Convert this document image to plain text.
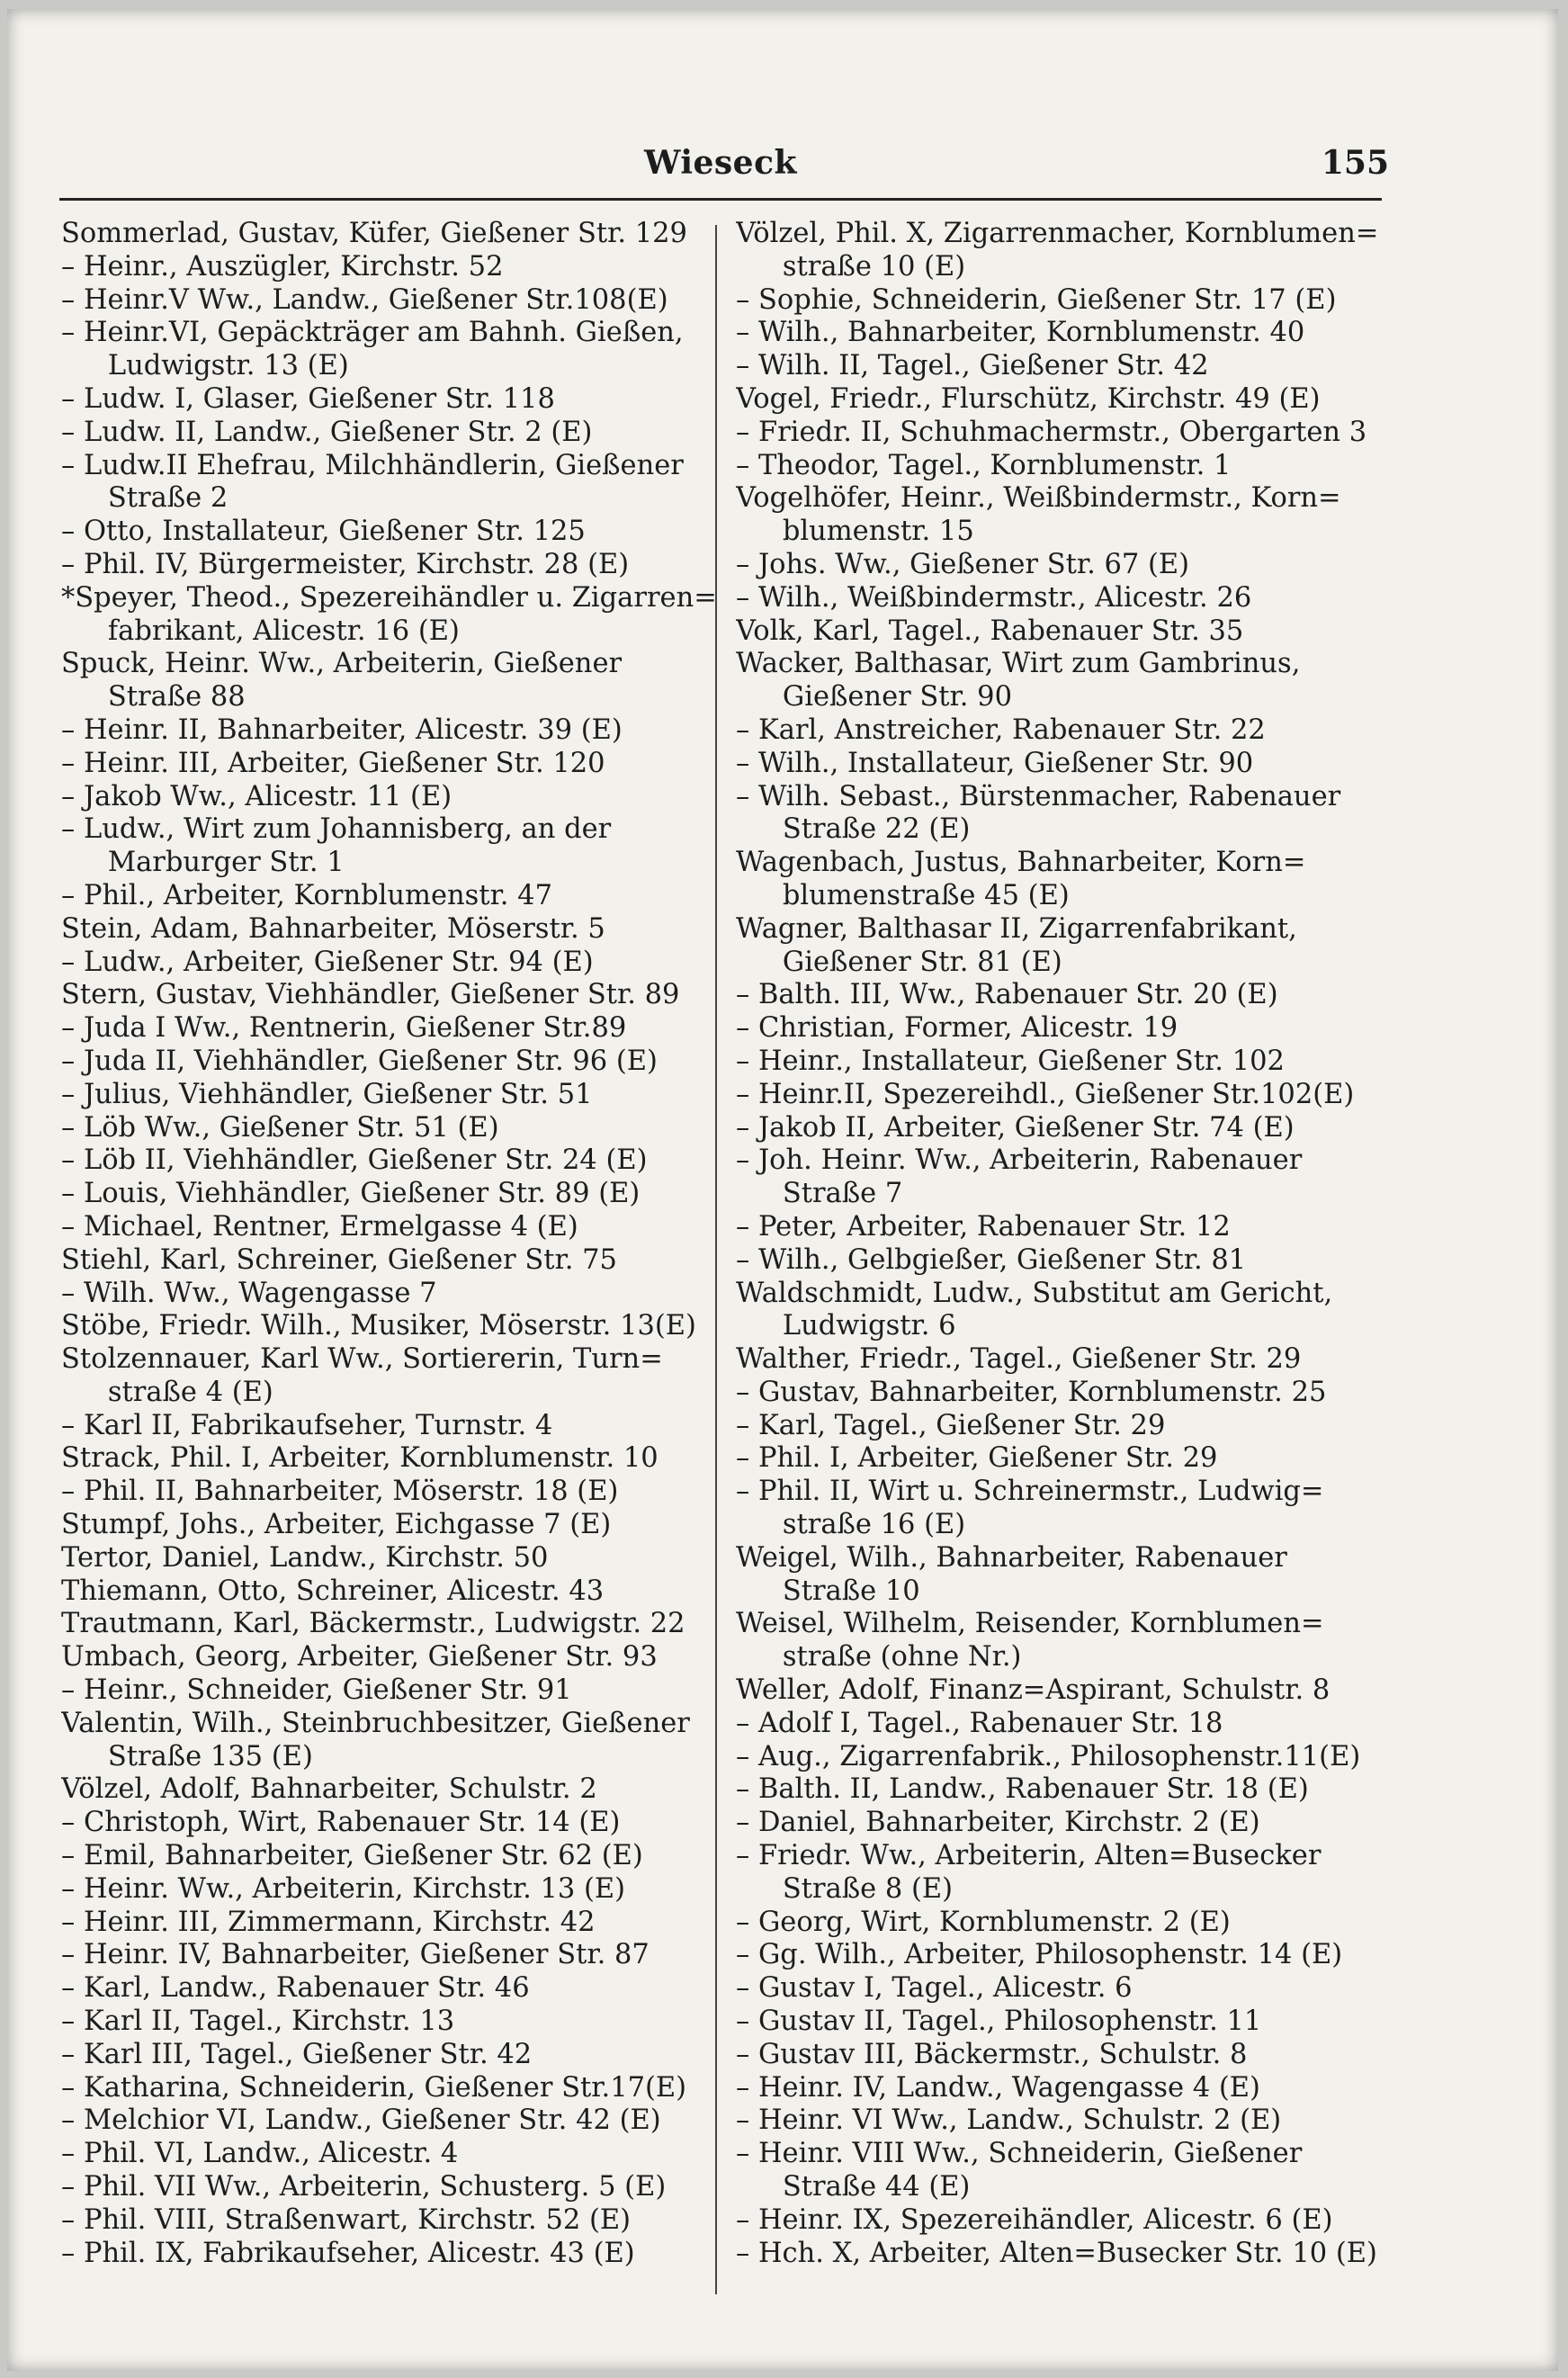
Wieseck	155
Sommerlad, Gustav, Küfer, Gießener Str. 129
– Heinr., Auszügler, Kirchstr. 52
– Heinr.V Ww., Landw., Gießener Str.108(E)
– Heinr.VI, Gepäckträger am Bahnh. Gießen,
Ludwigstr. 13 (E)
– Ludw. I, Glaser, Gießener Str. 118
– Ludw. II, Landw., Gießener Str. 2 (E)
– Ludw.II Ehefrau, Milchhändlerin, Gießener
Straße 2
– Otto, Installateur, Gießener Str. 125
– Phil. IV, Bürgermeister, Kirchstr. 28 (E)
*Speyer, Theod., Spezereihändler u. Zigarren=
fabrikant, Alicestr. 16 (E)
Spuck, Heinr. Ww., Arbeiterin, Gießener
Straße 88
– Heinr. II, Bahnarbeiter, Alicestr. 39 (E)
– Heinr. III, Arbeiter, Gießener Str. 120
– Jakob Ww., Alicestr. 11 (E)
– Ludw., Wirt zum Johannisberg, an der
Marburger Str. 1
– Phil., Arbeiter, Kornblumenstr. 47
Stein, Adam, Bahnarbeiter, Möserstr. 5
– Ludw., Arbeiter, Gießener Str. 94 (E)
Stern, Gustav, Viehhändler, Gießener Str. 89
– Juda I Ww., Rentnerin, Gießener Str.89
– Juda II, Viehhändler, Gießener Str. 96 (E)
– Julius, Viehhändler, Gießener Str. 51
– Löb Ww., Gießener Str. 51 (E)
– Löb II, Viehhändler, Gießener Str. 24 (E)
– Louis, Viehhändler, Gießener Str. 89 (E)
– Michael, Rentner, Ermelgasse 4 (E)
Stiehl, Karl, Schreiner, Gießener Str. 75
– Wilh. Ww., Wagengasse 7
Stöbe, Friedr. Wilh., Musiker, Möserstr. 13(E)
Stolzennauer, Karl Ww., Sortiererin, Turn=
straße 4 (E)
– Karl II, Fabrikaufseher, Turnstr. 4
Strack, Phil. I, Arbeiter, Kornblumenstr. 10
– Phil. II, Bahnarbeiter, Möserstr. 18 (E)
Stumpf, Johs., Arbeiter, Eichgasse 7 (E)
Tertor, Daniel, Landw., Kirchstr. 50
Thiemann, Otto, Schreiner, Alicestr. 43
Trautmann, Karl, Bäckermstr., Ludwigstr. 22
Umbach, Georg, Arbeiter, Gießener Str. 93
– Heinr., Schneider, Gießener Str. 91
Valentin, Wilh., Steinbruchbesitzer, Gießener
Straße 135 (E)
Völzel, Adolf, Bahnarbeiter, Schulstr. 2
– Christoph, Wirt, Rabenauer Str. 14 (E)
– Emil, Bahnarbeiter, Gießener Str. 62 (E)
– Heinr. Ww., Arbeiterin, Kirchstr. 13 (E)
– Heinr. III, Zimmermann, Kirchstr. 42
– Heinr. IV, Bahnarbeiter, Gießener Str. 87
– Karl, Landw., Rabenauer Str. 46
– Karl II, Tagel., Kirchstr. 13
– Karl III, Tagel., Gießener Str. 42
– Katharina, Schneiderin, Gießener Str.17(E)
– Melchior VI, Landw., Gießener Str. 42 (E)
– Phil. VI, Landw., Alicestr. 4
– Phil. VII Ww., Arbeiterin, Schusterg. 5 (E)
– Phil. VIII, Straßenwart, Kirchstr. 52 (E)
– Phil. IX, Fabrikaufseher, Alicestr. 43 (E)
Völzel, Phil. X, Zigarrenmacher, Kornblumen=
straße 10 (E)
– Sophie, Schneiderin, Gießener Str. 17 (E)
– Wilh., Bahnarbeiter, Kornblumenstr. 40
– Wilh. II, Tagel., Gießener Str. 42
Vogel, Friedr., Flurschütz, Kirchstr. 49 (E)
– Friedr. II, Schuhmachermstr., Obergarten 3
– Theodor, Tagel., Kornblumenstr. 1
Vogelhöfer, Heinr., Weißbindermstr., Korn=
blumenstr. 15
– Johs. Ww., Gießener Str. 67 (E)
– Wilh., Weißbindermstr., Alicestr. 26
Volk, Karl, Tagel., Rabenauer Str. 35
Wacker, Balthasar, Wirt zum Gambrinus,
Gießener Str. 90
– Karl, Anstreicher, Rabenauer Str. 22
– Wilh., Installateur, Gießener Str. 90
– Wilh. Sebast., Bürstenmacher, Rabenauer
Straße 22 (E)
Wagenbach, Justus, Bahnarbeiter, Korn=
blumenstraße 45 (E)
Wagner, Balthasar II, Zigarrenfabrikant,
Gießener Str. 81 (E)
– Balth. III, Ww., Rabenauer Str. 20 (E)
– Christian, Former, Alicestr. 19
– Heinr., Installateur, Gießener Str. 102
– Heinr.II, Spezereihdl., Gießener Str.102(E)
– Jakob II, Arbeiter, Gießener Str. 74 (E)
– Joh. Heinr. Ww., Arbeiterin, Rabenauer
Straße 7
– Peter, Arbeiter, Rabenauer Str. 12
– Wilh., Gelbgießer, Gießener Str. 81
Waldschmidt, Ludw., Substitut am Gericht,
Ludwigstr. 6
Walther, Friedr., Tagel., Gießener Str. 29
– Gustav, Bahnarbeiter, Kornblumenstr. 25
– Karl, Tagel., Gießener Str. 29
– Phil. I, Arbeiter, Gießener Str. 29
– Phil. II, Wirt u. Schreinermstr., Ludwig=
straße 16 (E)
Weigel, Wilh., Bahnarbeiter, Rabenauer
Straße 10
Weisel, Wilhelm, Reisender, Kornblumen=
straße (ohne Nr.)
Weller, Adolf, Finanz=Aspirant, Schulstr. 8
– Adolf I, Tagel., Rabenauer Str. 18
– Aug., Zigarrenfabrik., Philosophenstr.11(E)
– Balth. II, Landw., Rabenauer Str. 18 (E)
– Daniel, Bahnarbeiter, Kirchstr. 2 (E)
– Friedr. Ww., Arbeiterin, Alten=Busecker
Straße 8 (E)
– Georg, Wirt, Kornblumenstr. 2 (E)
– Gg. Wilh., Arbeiter, Philosophenstr. 14 (E)
– Gustav I, Tagel., Alicestr. 6
– Gustav II, Tagel., Philosophenstr. 11
– Gustav III, Bäckermstr., Schulstr. 8
– Heinr. IV, Landw., Wagengasse 4 (E)
– Heinr. VI Ww., Landw., Schulstr. 2 (E)
– Heinr. VIII Ww., Schneiderin, Gießener
Straße 44 (E)
– Heinr. IX, Spezereihändler, Alicestr. 6 (E)
– Hch. X, Arbeiter, Alten=Busecker Str. 10 (E)
